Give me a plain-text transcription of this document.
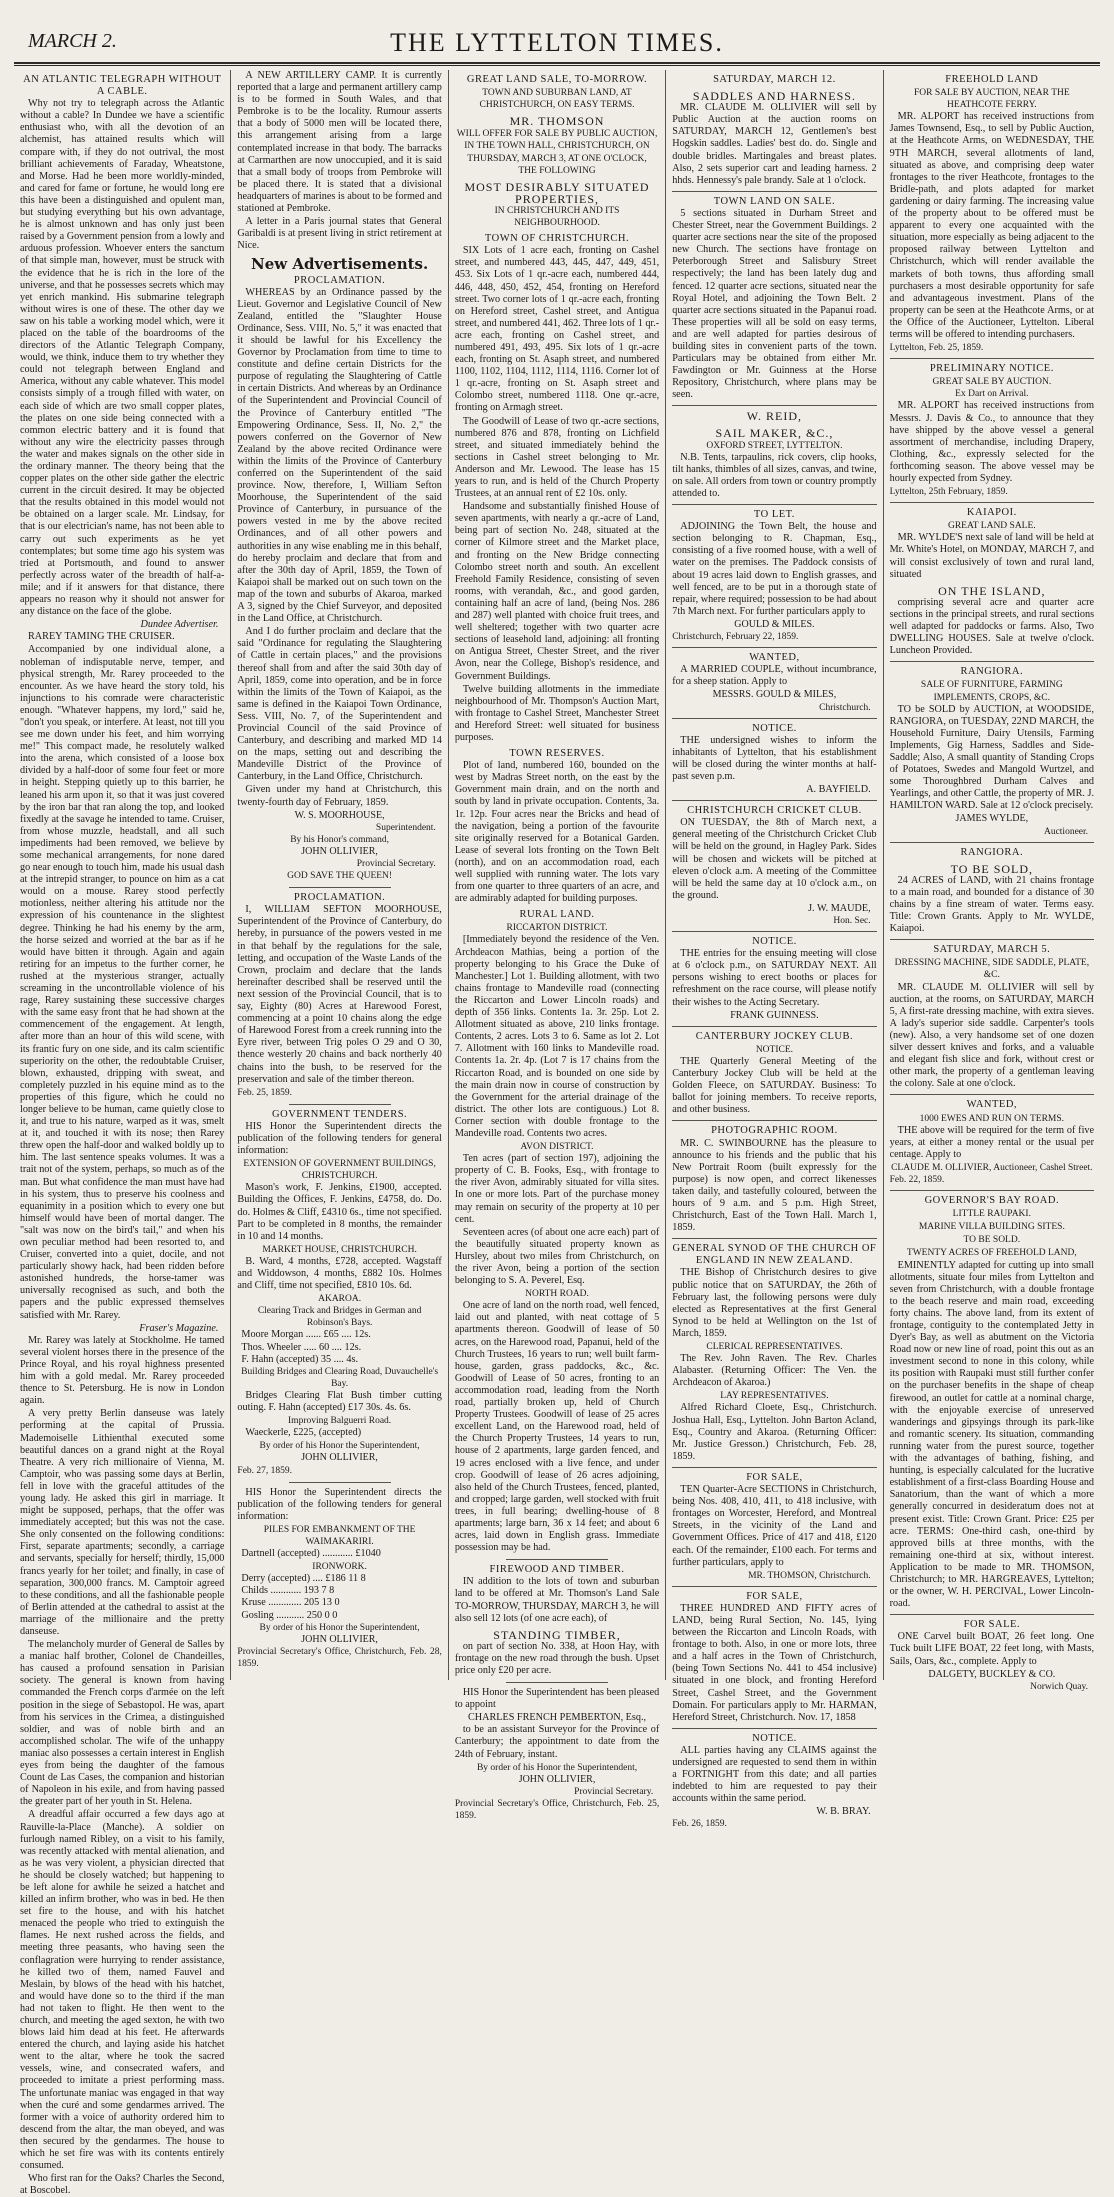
MARCH 2.	THE LYTTELTON TIMES.
AN ATLANTIC TELEGRAPH WITHOUT A CABLE.

Why not try to telegraph across the Atlantic without a cable? In Dundee we have a scientific enthusiast who, with all the devotion of an alchemist, has attained results which will compare with, if they do not outrival, the most brilliant achievements of Faraday, Wheatstone, and Morse. Had he been more worldly-minded, and cared for fame or fortune, he would long ere this have been a distinguished and opulent man, but studying everything but his own advantage, he is almost unknown and has only just been raised by a Government pension from a lowly and arduous profession. Whoever enters the sanctum of that simple man, however, must be struck with the evidence that he is rich in the lore of the universe, and that he possesses secrets which may yet enrich mankind. His submarine telegraph without wires is one of these. The other day we saw on his table a working model which, were it placed on the table of the boardrooms of the directors of the Atlantic Telegraph Company, would, we think, induce them to try whether they could not telegraph between England and America, without any cable whatever. This model consists simply of a trough filled with water, on each side of which are two small copper plates, the plates on one side being connected with a common electric battery and it is found that without any wire the electricity passes through the water and makes signals on the other side in the ordinary manner. The theory being that the copper plates on the other side gather the electric current in the circuit desired. It may be objected that the results obtained in this model would not be obtained on a larger scale. Mr. Lindsay, for that is our electrician's name, has not been able to carry out such experiments as he yet contemplates; but some time ago his system was tried at Portsmouth, and found to answer perfectly across water of the breadth of half-a-mile; and if it answers for that distance, there appears no reason why it should not answer for any distance on the face of the globe.

Dundee Advertiser.

RAREY TAMING THE CRUISER.

Accompanied by one individual alone, a nobleman of indisputable nerve, temper, and physical strength, Mr. Rarey proceeded to the encounter. As we have heard the story told, his injunctions to his comrade were characteristic enough. "Whatever happens, my lord," said he, "don't you speak, or interfere. At least, not till you see me down under his feet, and him worrying me!" This compact made, he resolutely walked into the arena, which consisted of a loose box divided by a half-door of some four feet or more in height. Stepping quietly up to this barrier, he leaned his arm upon it, so that it was just covered by the iron bar that ran along the top, and looked fixedly at the savage he intended to tame. Cruiser, from whose muzzle, headstall, and all such impediments had been removed, we believe by some mechanical arrangements, for none dared go near enough to touch him, made his usual dash at the intrepid stranger, to pounce on him as a cat would on a mouse. Rarey stood perfectly motionless, neither altering his attitude nor the expression of his countenance in the slightest degree. Thinking he had his enemy by the arm, the horse seized and worried at the bar as if he would have bitten it through. Again and again retiring for an impetus to the further corner, he rushed at the mysterious stranger, actually screaming in the uncontrollable violence of his rage, Rarey sustaining these successive charges with the same easy front that he had shown at the commencement of the engagement. At length, after more than an hour of this wild scene, with its frantic fury on one side, and its calm scientific superiority on the other, the redoubtable Cruiser, blown, exhausted, dripping with sweat, and completely puzzled in his equine mind as to the properties of this figure, which he could no longer believe to be human, came quietly close to it, and true to his nature, warped as it was, smelt at it, and touched it with its nose; then Rarey threw open the half-door and walked boldly up to him. The last sentence speaks volumes. It was a trait not of the system, perhaps, so much as of the man. But what confidence the man must have had in his system, thus to preserve his coolness and equanimity in a position which to every one but himself would have been of mortal danger. The "salt was now on the bird's tail," and when his own peculiar method had been resorted to, and Cruiser, converted into a quiet, docile, and not particularly showy hack, had been ridden before astonished hundreds, the horse-tamer was universally recognised as such, and both the papers and the public expressed themselves satisfied with Mr. Rarey.

Fraser's Magazine.

Mr. Rarey was lately at Stockholme. He tamed several violent horses there in the presence of the Prince Royal, and his royal highness presented him with a gold medal. Mr. Rarey proceeded thence to St. Petersburg. He is now in London again.

A very pretty Berlin danseuse was lately performing at the capital of Prussia. Mademoiselle Lithienthal executed some beautiful dances on a grand night at the Royal Theatre. A very rich millionaire of Vienna, M. Camptoir, who was passing some days at Berlin, fell in love with the graceful attitudes of the young lady. He asked this girl in marriage. It might be supposed, perhaps, that the offer was immediately accepted; but this was not the case. She only consented on the following conditions: First, separate apartments; secondly, a carriage and servants, specially for herself; thirdly, 15,000 francs yearly for her toilet; and finally, in case of separation, 300,000 francs. M. Camptoir agreed to these conditions, and all the fashionable people of Berlin attended at the cathedral to assist at the marriage of the millionaire and the pretty danseuse.

The melancholy murder of General de Salles by a maniac half brother, Colonel de Chandeilles, has caused a profound sensation in Parisian society. The general is known from having commanded the French corps d'armée on the left position in the siege of Sebastopol. He was, apart from his services in the Crimea, a distinguished soldier, and was of noble birth and an accomplished scholar. The wife of the unhappy maniac also possesses a certain interest in English eyes from being the daughter of the famous Count de Las Cases, the companion and historian of Napoleon in his exile, and from having passed the greater part of her youth in St. Helena.

A dreadful affair occurred a few days ago at Rauville-la-Place (Manche). A soldier on furlough named Ribley, on a visit to his family, was recently attacked with mental alienation, and as he was very violent, a physician directed that he should be closely watched; but happening to be left alone for awhile he seized a hatchet and killed an infirm brother, who was in bed. He then set fire to the house, and with his hatchet menaced the people who tried to extinguish the flames. He next rushed across the fields, and meeting three peasants, who having seen the conflagration were hurrying to render assistance, he killed two of them, named Fauvel and Meslain, by blows of the head with his hatchet, and would have done so to the third if the man had not taken to flight. He then went to the church, and meeting the aged sexton, he with two blows laid him dead at his feet. He afterwards entered the church, and laying aside his hatchet went to the altar, where he took the sacred vessels, wine, and consecrated wafers, and proceeded to imitate a priest performing mass. The unfortunate maniac was engaged in that way when the curé and some gendarmes arrived. The former with a voice of authority ordered him to descend from the altar, the man obeyed, and was then secured by the gendarmes. The house to which he set fire was with its contents entirely consumed.

Who first ran for the Oaks? Charles the Second, at Boscobel.

A NEW ARTILLERY CAMP. It is currently reported that a large and permanent artillery camp is to be formed in South Wales, and that Pembroke is to be the locality. Rumour asserts that a body of 5000 men will be located there, this arrangement arising from a large contemplated increase in that body. The barracks at Carmarthen are now unoccupied, and it is said that a small body of troops from Pembroke will be placed there. It is stated that a divisional headquarters of marines is about to be formed and stationed at Pembroke.

A letter in a Paris journal states that General Garibaldi is at present living in strict retirement at Nice.

New Advertisements.
PROCLAMATION.

WHEREAS by an Ordinance passed by the Lieut. Governor and Legislative Council of New Zealand, entitled the "Slaughter House Ordinance, Sess. VIII, No. 5," it was enacted that it should be lawful for his Excellency the Governor by Proclamation from time to time to constitute and define certain Districts for the purpose of regulating the Slaughtering of Cattle in certain Districts. And whereas by an Ordinance of the Superintendent and Provincial Council of the Province of Canterbury entitled "The Empowering Ordinance, Sess. II, No. 2," the powers conferred on the Governor of New Zealand by the above recited Ordinance were within the limits of the Province of Canterbury conferred on the Superintendent of the said province. Now, therefore, I, William Sefton Moorhouse, the Superintendent of the said Province of Canterbury, in pursuance of the powers vested in me by the above recited Ordinances, and of all other powers and authorities in any wise enabling me in this behalf, do hereby proclaim and declare that from and after the 30th day of April, 1859, the Town of Kaiapoi shall be marked out on such town on the map of the town and suburbs of Akaroa, marked A 3, signed by the Chief Surveyor, and deposited in the Land Office, at Christchurch.

And I do further proclaim and declare that the said "Ordinance for regulating the Slaughtering of Cattle in certain places," and the provisions thereof shall from and after the said 30th day of April, 1859, come into operation, and be in force within the limits of the Town of Kaiapoi, as the same is defined in the Kaiapoi Town Ordinance, Sess. VIII, No. 7, of the Superintendent and Provincial Council of the said Province of Canterbury, and describing and marked MD 14 on the maps, setting out and describing the Mandeville District of the Province of Canterbury, in the Land Office, Christchurch.

Given under my hand at Christchurch, this twenty-fourth day of February, 1859.

W. S. MOORHOUSE,
Superintendent.
By his Honor's command,
JOHN OLLIVIER,
Provincial Secretary.
GOD SAVE THE QUEEN!
PROCLAMATION.

I, WILLIAM SEFTON MOORHOUSE, Superintendent of the Province of Canterbury, do hereby, in pursuance of the powers vested in me in that behalf by the regulations for the sale, letting, and occupation of the Waste Lands of the Crown, proclaim and declare that the lands hereinafter described shall be reserved until the next session of the Provincial Council, that is to say, Eighty (80) Acres at Harewood Forest, commencing at a point 10 chains along the edge of Harewood Forest from a creek running into the Eyre river, between Trig poles O 29 and O 30, thence westerly 20 chains and back northerly 40 chains into the bush, to be reserved for the preservation and sale of the timber thereon.

Feb. 25, 1859.
GOVERNMENT TENDERS.

HIS Honor the Superintendent directs the publication of the following tenders for general information:

EXTENSION OF GOVERNMENT BUILDINGS, CHRISTCHURCH.

Mason's work, F. Jenkins, £1900, accepted. Building the Offices, F. Jenkins, £4758, do. Do. do. Holmes & Cliff, £4310 6s., time not specified. Part to be completed in 8 months, the remainder in 10 and 14 months.

MARKET HOUSE, CHRISTCHURCH.

B. Ward, 4 months, £728, accepted. Wagstaff and Widdowson, 4 months, £882 10s. Holmes and Cliff, time not specified, £810 10s. 6d.

AKAROA.
Clearing Track and Bridges in German and Robinson's Bays.
Moore Morgan ...... £65 .... 12s.
Thos. Wheeler ..... 60 .... 12s.
F. Hahn (accepted) 35 .... 4s.
Building Bridges and Clearing Road, Duvauchelle's Bay.

Bridges Clearing Flat Bush timber cutting outing. F. Hahn (accepted) £17 30s. 4s. 6s.

Improving Balguerri Road.

Waeckerle, £225, (accepted)

By order of his Honor the Superintendent,
JOHN OLLIVIER,
Feb. 27, 1859.

HIS Honor the Superintendent directs the publication of the following tenders for general information:

PILES FOR EMBANKMENT OF THE WAIMAKARIRI.
Dartnell (accepted) ............ £1040
IRONWORK.
Derry (accepted) .... £186 11 8
Childs ............ 193 7 8
Kruse ............. 205 13 0
Gosling ........... 250 0 0
By order of his Honor the Superintendent,
JOHN OLLIVIER,
Provincial Secretary's Office, Christchurch, Feb. 28, 1859.
GREAT LAND SALE, TO-MORROW.
TOWN AND SUBURBAN LAND, AT CHRISTCHURCH, ON EASY TERMS.
MR. THOMSON
WILL OFFER FOR SALE BY PUBLIC AUCTION, IN THE TOWN HALL, CHRISTCHURCH, ON THURSDAY, MARCH 3, AT ONE O'CLOCK,
THE FOLLOWING
MOST DESIRABLY SITUATED PROPERTIES,
IN CHRISTCHURCH AND ITS NEIGHBOURHOOD.
TOWN OF CHRISTCHURCH.

SIX Lots of 1 acre each, fronting on Cashel street, and numbered 443, 445, 447, 449, 451, 453. Six Lots of 1 qr.-acre each, numbered 444, 446, 448, 450, 452, 454, fronting on Hereford street. Two corner lots of 1 qr.-acre each, fronting on Hereford street, Cashel street, and Antigua street, and numbered 441, 462. Three lots of 1 qr.-acre each, fronting on Cashel street, and numbered 491, 493, 495. Six lots of 1 qr.-acre each, fronting on St. Asaph street, and numbered 1100, 1102, 1104, 1112, 1114, 1116. Corner lot of 1 qr.-acre, fronting on St. Asaph street and Colombo street, numbered 1118. One qr.-acre, fronting on Armagh street.

The Goodwill of Lease of two qr.-acre sections, numbered 876 and 878, fronting on Lichfield street, and situated immediately behind the sections in Cashel street belonging to Mr. Anderson and Mr. Lewood. The lease has 15 years to run, and is held of the Church Property Trustees, at an annual rent of £2 10s. only.

Handsome and substantially finished House of seven apartments, with nearly a qr.-acre of Land, being part of section No. 248, situated at the corner of Kilmore street and the Market place, and fronting on the New Bridge connecting Colombo street north and south. An excellent Freehold Family Residence, consisting of seven rooms, with verandah, &c., and good garden, containing half an acre of land, (being Nos. 286 and 287) well planted with choice fruit trees, and well sheltered; together with two quarter acre sections of leasehold land, adjoining: all fronting on Antigua Street, Chester Street, and the river Avon, near the College, Bishop's residence, and Government Buildings.

Twelve building allotments in the immediate neighbourhood of Mr. Thompson's Auction Mart, with frontage to Cashel Street, Manchester Street and Hereford Street: well situated for business purposes.

TOWN RESERVES.

Plot of land, numbered 160, bounded on the west by Madras Street north, on the east by the Government main drain, and on the north and south by land in private occupation. Contents, 3a. 1r. 12p. Four acres near the Bricks and head of the navigation, being a portion of the favourite site originally reserved for a Botanical Garden. Lease of several lots fronting on the Town Belt (north), and on an accommodation road, each well supplied with running water. The lots vary from one quarter to three quarters of an acre, and are admirably adapted for building purposes.

RURAL LAND.
RICCARTON DISTRICT.

[Immediately beyond the residence of the Ven. Archdeacon Mathias, being a portion of the property belonging to his Grace the Duke of Manchester.] Lot 1. Building allotment, with two chains frontage to Mandeville road (connecting the Riccarton and Lower Lincoln roads) and depth of 356 links. Contents 1a. 3r. 25p. Lot 2. Allotment situated as above, 210 links frontage. Contents, 2 acres. Lots 3 to 6. Same as lot 2. Lot 7. Allotment with 160 links to Mandeville road. Contents 1a. 2r. 4p. (Lot 7 is 17 chains from the Riccarton Road, and is bounded on one side by the main drain now in course of construction by the Government for the arterial drainage of the district. The other lots are contiguous.) Lot 8. Corner section with double frontage to the Mandeville road. Contents two acres.

AVON DISTRICT.

Ten acres (part of section 197), adjoining the property of C. B. Fooks, Esq., with frontage to the river Avon, admirably situated for villa sites. In one or more lots. Part of the purchase money may remain on security of the property at 10 per cent.

Seventeen acres (of about one acre each) part of the beautifully situated property known as Hursley, about two miles from Christchurch, on the river Avon, being a portion of the section belonging to S. A. Peverel, Esq.

NORTH ROAD.

One acre of land on the north road, well fenced, laid out and planted, with neat cottage of 5 apartments thereon. Goodwill of lease of 50 acres, on the Harewood road, Papanui, held of the Church Trustees, 16 years to run; well built farm-house, garden, grass paddocks, &c., &c. Goodwill of Lease of 50 acres, fronting to an accommodation road, leading from the North road, partially broken up, held of Church Property Trustees. Goodwill of lease of 25 acres excellent Land, on the Harewood road, held of the Church Property Trustees, 14 years to run, house of 2 apartments, large garden fenced, and 19 acres enclosed with a live fence, and under crop. Goodwill of lease of 26 acres adjoining, also held of the Church Trustees, fenced, planted, and cropped; large garden, well stocked with fruit trees, in full bearing; dwelling-house of 8 apartments; large barn, 36 x 14 feet; and about 6 acres, laid down in English grass. Immediate possession may be had.

FIREWOOD AND TIMBER.

IN addition to the lots of town and suburban land to be offered at Mr. Thomson's Land Sale TO-MORROW, THURSDAY, MARCH 3, he will also sell 12 lots (of one acre each), of

STANDING TIMBER,

on part of section No. 338, at Hoon Hay, with frontage on the new road through the bush. Upset price only £20 per acre.

HIS Honor the Superintendent has been pleased to appoint

CHARLES FRENCH PEMBERTON, Esq.,

to be an assistant Surveyor for the Province of Canterbury; the appointment to date from the 24th of February, instant.

By order of his Honor the Superintendent,
JOHN OLLIVIER,
Provincial Secretary.
Provincial Secretary's Office, Christchurch, Feb. 25, 1859.
SATURDAY, MARCH 12.
SADDLES AND HARNESS.

MR. CLAUDE M. OLLIVIER will sell by Public Auction at the auction rooms on SATURDAY, MARCH 12, Gentlemen's best Hogskin saddles. Ladies' best do. do. Single and double bridles. Martingales and breast plates. Also, 2 sets superior cart and leading harness. 2 hhds. Hennessy's pale brandy. Sale at 1 o'clock.

TOWN LAND ON SALE.

5 sections situated in Durham Street and Chester Street, near the Government Buildings. 2 quarter acre sections near the site of the proposed new Church. The sections have frontage on Peterborough Street and Salisbury Street respectively; the land has been lately dug and fenced. 12 quarter acre sections, situated near the Royal Hotel, and adjoining the Town Belt. 2 quarter acre sections situated in the Papanui road. These properties will all be sold on easy terms, and are well adapted for parties desirous of building sites in convenient parts of the town. Particulars may be obtained from either Mr. Fawdington or Mr. Guinness at the Horse Repository, Christchurch, where plans may be seen.

W. REID,
SAIL MAKER, &C.,
OXFORD STREET, LYTTELTON.

N.B. Tents, tarpaulins, rick covers, clip hooks, tilt hanks, thimbles of all sizes, canvas, and twine, on sale. All orders from town or country promptly attended to.

TO LET.

ADJOINING the Town Belt, the house and section belonging to R. Chapman, Esq., consisting of a five roomed house, with a well of water on the premises. The Paddock consists of about 19 acres laid down to English grasses, and well fenced, are to be put in a thorough state of repair, where required; possession to be had about 7th March next. For further particulars apply to

GOULD & MILES.
Christchurch, February 22, 1859.
WANTED,

A MARRIED COUPLE, without incumbrance, for a sheep station. Apply to

MESSRS. GOULD & MILES,
Christchurch.
NOTICE.

THE undersigned wishes to inform the inhabitants of Lyttelton, that his establishment will be closed during the winter months at half-past seven p.m.

A. BAYFIELD.
CHRISTCHURCH CRICKET CLUB.

ON TUESDAY, the 8th of March next, a general meeting of the Christchurch Cricket Club will be held on the ground, in Hagley Park. Sides will be chosen and wickets will be pitched at eleven o'clock a.m. A meeting of the Committee will be held the same day at 10 o'clock a.m., on the ground.

J. W. MAUDE,
Hon. Sec.
NOTICE.

THE entries for the ensuing meeting will close at 6 o'clock p.m., on SATURDAY NEXT. All persons wishing to erect booths or places for refreshment on the race course, will please notify their wishes to the Acting Secretary.

FRANK GUINNESS.
CANTERBURY JOCKEY CLUB.
NOTICE.

THE Quarterly General Meeting of the Canterbury Jockey Club will be held at the Golden Fleece, on SATURDAY. Business: To ballot for joining members. To receive reports, and other business.

PHOTOGRAPHIC ROOM.

MR. C. SWINBOURNE has the pleasure to announce to his friends and the public that his New Portrait Room (built expressly for the purpose) is now open, and correct likenesses taken daily, and tastefully coloured, between the hours of 9 a.m. and 5 p.m. High Street, Christchurch, East of the Town Hall. March 1, 1859.

GENERAL SYNOD OF THE CHURCH OF ENGLAND IN NEW ZEALAND.

THE Bishop of Christchurch desires to give public notice that on SATURDAY, the 26th of February last, the following persons were duly elected as Representatives at the first General Synod to be held at Wellington on the 1st of March, 1859.

CLERICAL REPRESENTATIVES.

The Rev. John Raven. The Rev. Charles Alabaster. (Returning Officer: The Ven. the Archdeacon of Akaroa.)

LAY REPRESENTATIVES.

Alfred Richard Cloete, Esq., Christchurch. Joshua Hall, Esq., Lyttelton. John Barton Acland, Esq., Country and Akaroa. (Returning Officer: Mr. Justice Gresson.) Christchurch, Feb. 28, 1859.

FOR SALE,

TEN Quarter-Acre SECTIONS in Christchurch, being Nos. 408, 410, 411, to 418 inclusive, with frontages on Worcester, Hereford, and Montreal Streets, in the vicinity of the Land and Government Offices. Price of 417 and 418, £120 each. Of the remainder, £100 each. For terms and further particulars, apply to

MR. THOMSON, Christchurch.
FOR SALE,

THREE HUNDRED AND FIFTY acres of LAND, being Rural Section, No. 145, lying between the Riccarton and Lincoln Roads, with frontage to both. Also, in one or more lots, three and a half acres in the Town of Christchurch, (being Town Sections No. 441 to 454 inclusive) situated in one block, and fronting Hereford Street, Cashel Street, and the Government Domain. For particulars apply to Mr. HARMAN, Hereford Street, Christchurch. Nov. 17, 1858

NOTICE.

ALL parties having any CLAIMS against the undersigned are requested to send them in within a FORTNIGHT from this date; and all parties indebted to him are requested to pay their accounts within the same period.

W. B. BRAY.
Feb. 26, 1859.
FREEHOLD LAND
FOR SALE BY AUCTION, NEAR THE HEATHCOTE FERRY.

MR. ALPORT has received instructions from James Townsend, Esq., to sell by Public Auction, at the Heathcote Arms, on WEDNESDAY, THE 9TH MARCH, several allotments of land, situated as above, and comprising deep water frontages to the river Heathcote, frontages to the Bridle-path, and plots adapted for market gardening or dairy farming. The increasing value of the property about to be offered must be apparent to every one acquainted with the situation, more especially as being adjacent to the proposed railway between Lyttelton and Christchurch, which will render available the markets of both towns, thus affording small purchasers a most desirable opportunity for safe and advantageous investment. Plans of the property can be seen at the Heathcote Arms, or at the Office of the Auctioneer, Lyttelton. Liberal terms will be offered to intending purchasers.

Lyttelton, Feb. 25, 1859.
PRELIMINARY NOTICE.
GREAT SALE BY AUCTION.
Ex Dart on Arrival.

MR. ALPORT has received instructions from Messrs. J. Davis & Co., to announce that they have shipped by the above vessel a general assortment of merchandise, including Drapery, Clothing, &c., expressly selected for the forthcoming season. The above vessel may be hourly expected from Sydney.

Lyttelton, 25th February, 1859.
KAIAPOI.
GREAT LAND SALE.

MR. WYLDE'S next sale of land will be held at Mr. White's Hotel, on MONDAY, MARCH 7, and will consist exclusively of town and rural land, situated

ON THE ISLAND,

comprising several acre and quarter acre sections in the principal streets, and rural sections well adapted for paddocks or farms. Also, Two DWELLING HOUSES. Sale at twelve o'clock. Luncheon Provided.

RANGIORA.
SALE OF FURNITURE, FARMING IMPLEMENTS, CROPS, &C.

TO be SOLD by AUCTION, at WOODSIDE, RANGIORA, on TUESDAY, 22ND MARCH, the Household Furniture, Dairy Utensils, Farming Implements, Gig Harness, Saddles and Side-Saddle; Also, A small quantity of Standing Crops of Potatoes, Swedes and Mangold Wurtzel, and some Thoroughbred Durham Calves and Yearlings, and other Cattle, the property of MR. J. HAMILTON WARD. Sale at 12 o'clock precisely.

JAMES WYLDE,
Auctioneer.
RANGIORA.
TO BE SOLD,

24 ACRES of LAND, with 21 chains frontage to a main road, and bounded for a distance of 30 chains by a fine stream of water. Terms easy. Title: Crown Grants. Apply to Mr. WYLDE, Kaiapoi.

SATURDAY, MARCH 5.
DRESSING MACHINE, SIDE SADDLE, PLATE, &C.

MR. CLAUDE M. OLLIVIER will sell by auction, at the rooms, on SATURDAY, MARCH 5, A first-rate dressing machine, with extra sieves. A lady's superior side saddle. Carpenter's tools (new). Also, a very handsome set of one dozen silver dessert knives and forks, and a valuable and elegant fish slice and fork, without crest or other mark, the property of a gentleman leaving the colony. Sale at one o'clock.

WANTED,
1000 EWES AND RUN ON TERMS.

THE above will be required for the term of five years, at either a money rental or the usual per centage. Apply to

CLAUDE M. OLLIVIER, Auctioneer, Cashel Street.
Feb. 22, 1859.
GOVERNOR'S BAY ROAD.
LITTLE RAUPAKI.
MARINE VILLA BUILDING SITES.
TO BE SOLD.
TWENTY ACRES OF FREEHOLD LAND,

EMINENTLY adapted for cutting up into small allotments, situate four miles from Lyttelton and seven from Christchurch, with a double frontage to the beach reserve and main road, exceeding forty chains. The above land, from its extent of frontage, contiguity to the contemplated Jetty in Dyer's Bay, as well as abutment on the Victoria Road now or new line of road, point this out as an investment second to none in this colony, while its position with Raupaki must still further confer on the purchaser benefits in the shape of cheap firewood, an outlet for cattle at a nominal charge, with the enjoyable exercise of unreserved wanderings and gipsyings through its park-like and romantic scenery. Its situation, commanding running water from the purest source, together with the advantages of bathing, fishing, and hunting, is especially calculated for the lucrative establishment of a first-class Boarding House and Sanatorium, than the want of which a more generally concurred in desideratum does not at present exist. Title: Crown Grant. Price: £25 per acre. TERMS: One-third cash, one-third by approved bills at three months, with the remaining one-third at six, without interest. Application to be made to MR. THOMSON, Christchurch; to MR. HARGREAVES, Lyttelton; or the owner, W. H. PERCIVAL, Lower Lincoln-road.

FOR SALE.

ONE Carvel built BOAT, 26 feet long. One Tuck built LIFE BOAT, 22 feet long, with Masts, Sails, Oars, &c., complete. Apply to

DALGETY, BUCKLEY & CO.
Norwich Quay.
